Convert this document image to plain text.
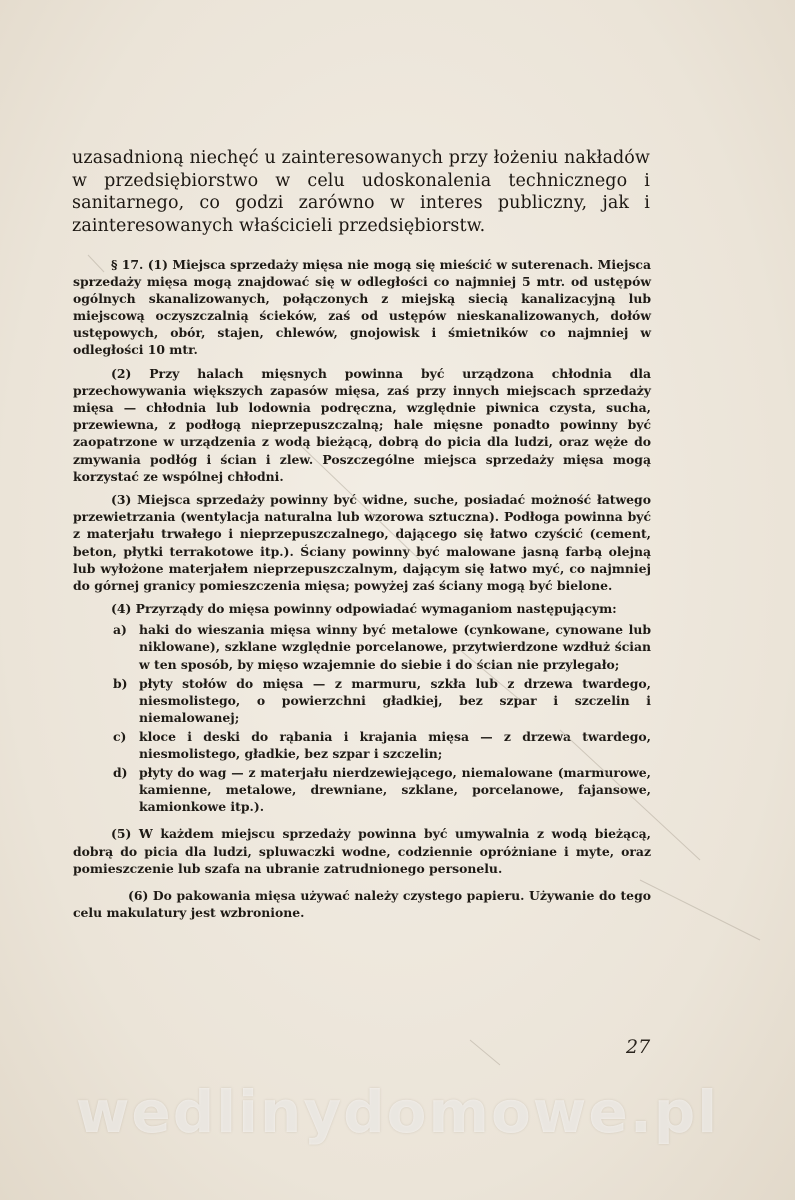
uzasadnioną niechęć u zainteresowanych przy łożeniu nakładów w przedsiębiorstwo w celu udoskonalenia technicznego i sanitarnego, co godzi zarówno w interes publiczny, jak i zainteresowanych właścicieli przedsiębiorstw.

§ 17. (1) Miejsca sprzedaży mięsa nie mogą się mieścić w suterenach. Miejsca sprzedaży mięsa mogą znajdować się w odległości co najmniej 5 mtr. od ustępów ogólnych skanalizowanych, połączonych z miejską siecią kanalizacyjną lub miejscową oczyszczalnią ścieków, zaś od ustępów nieskanalizowanych, dołów ustępowych, obór, stajen, chlewów, gnojowisk i śmietników co najmniej w odległości 10 mtr.

(2) Przy halach mięsnych powinna być urządzona chłodnia dla przechowywania większych zapasów mięsa, zaś przy innych miejscach sprzedaży mięsa — chłodnia lub lodownia podręczna, względnie piwnica czysta, sucha, przewiewna, z podłogą nieprzepuszczalną; hale mięsne ponadto powinny być zaopatrzone w urządzenia z wodą bieżącą, dobrą do picia dla ludzi, oraz węże do zmywania podłóg i ścian i zlew. Poszczególne miejsca sprzedaży mięsa mogą korzystać ze wspólnej chłodni.

(3) Miejsca sprzedaży powinny być widne, suche, posiadać możność łatwego przewietrzania (wentylacja naturalna lub wzorowa sztuczna). Podłoga powinna być z materjału trwałego i nieprzepuszczalnego, dającego się łatwo czyścić (cement, beton, płytki terrakotowe itp.). Ściany powinny być malowane jasną farbą olejną lub wyłożone materjałem nieprzepuszczalnym, dającym się łatwo myć, co najmniej do górnej granicy pomieszczenia mięsa; powyżej zaś ściany mogą być bielone.

(4) Przyrządy do mięsa powinny odpowiadać wymaganiom następującym:

a) haki do wieszania mięsa winny być metalowe (cynkowane, cynowane lub niklowane), szklane względnie porcelanowe, przytwierdzone wzdłuż ścian w ten sposób, by mięso wzajemnie do siebie i do ścian nie przylegało;
b) płyty stołów do mięsa — z marmuru, szkła lub z drzewa twardego, niesmolistego, o powierzchni gładkiej, bez szpar i szczelin i niemalowanej;
c) kloce i deski do rąbania i krajania mięsa — z drzewa twardego, niesmolistego, gładkie, bez szpar i szczelin;
d) płyty do wag — z materjału nierdzewiejącego, niemalowane (marmurowe, kamienne, metalowe, drewniane, szklane, porcelanowe, fajansowe, kamionkowe itp.).

(5) W każdem miejscu sprzedaży powinna być umywalnia z wodą bieżącą, dobrą do picia dla ludzi, spluwaczki wodne, codziennie opróżniane i myte, oraz pomieszczenie lub szafa na ubranie zatrudnionego personelu.

(6) Do pakowania mięsa używać należy czystego papieru. Używanie do tego celu makulatury jest wzbronione.

27
wedlinydomowe.pl
